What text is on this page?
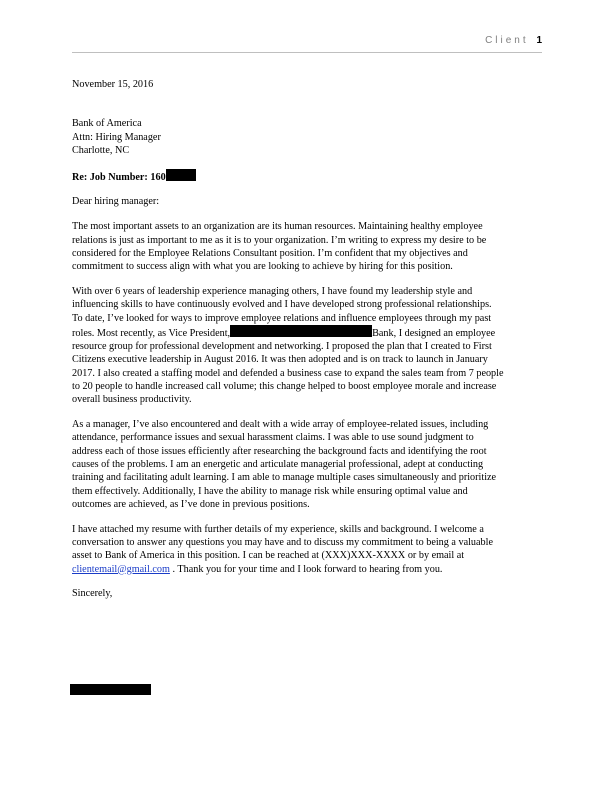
Client 1
November 15, 2016
Bank of America
Attn: Hiring Manager
Charlotte, NC
Re: Job Number: 160
Dear hiring manager:
The most important assets to an organization are its human resources. Maintaining healthy employee
relations is just as important to me as it is to your organization. I’m writing to express my desire to be
considered for the Employee Relations Consultant position. I’m confident that my objectives and
commitment to success align with what you are looking to achieve by hiring for this position.
With over 6 years of leadership experience managing others, I have found my leadership style and
influencing skills to have continuously evolved and I have developed strong professional relationships.
To date, I’ve looked for ways to improve employee relations and influence employees through my past
roles. Most recently, as Vice President,	Bank, I designed an employee
resource group for professional development and networking. I proposed the plan that I created to First
Citizens executive leadership in August 2016. It was then adopted and is on track to launch in January
2017. I also created a staffing model and defended a business case to expand the sales team from 7 people
to 20 people to handle increased call volume; this change helped to boost employee morale and increase
overall business productivity.
As a manager, I’ve also encountered and dealt with a wide array of employee-related issues, including
attendance, performance issues and sexual harassment claims. I was able to use sound judgment to
address each of those issues efficiently after researching the background facts and identifying the root
causes of the problems. I am an energetic and articulate managerial professional, adept at conducting
training and facilitating adult learning. I am able to manage multiple cases simultaneously and prioritize
them effectively. Additionally, I have the ability to manage risk while ensuring optimal value and
outcomes are achieved, as I’ve done in previous positions.
I have attached my resume with further details of my experience, skills and background. I welcome a
conversation to answer any questions you may have and to discuss my commitment to being a valuable
asset to Bank of America in this position. I can be reached at (XXX)XXX-XXXX or by email at
clientemail@gmail.com . Thank you for your time and I look forward to hearing from you.
Sincerely,
